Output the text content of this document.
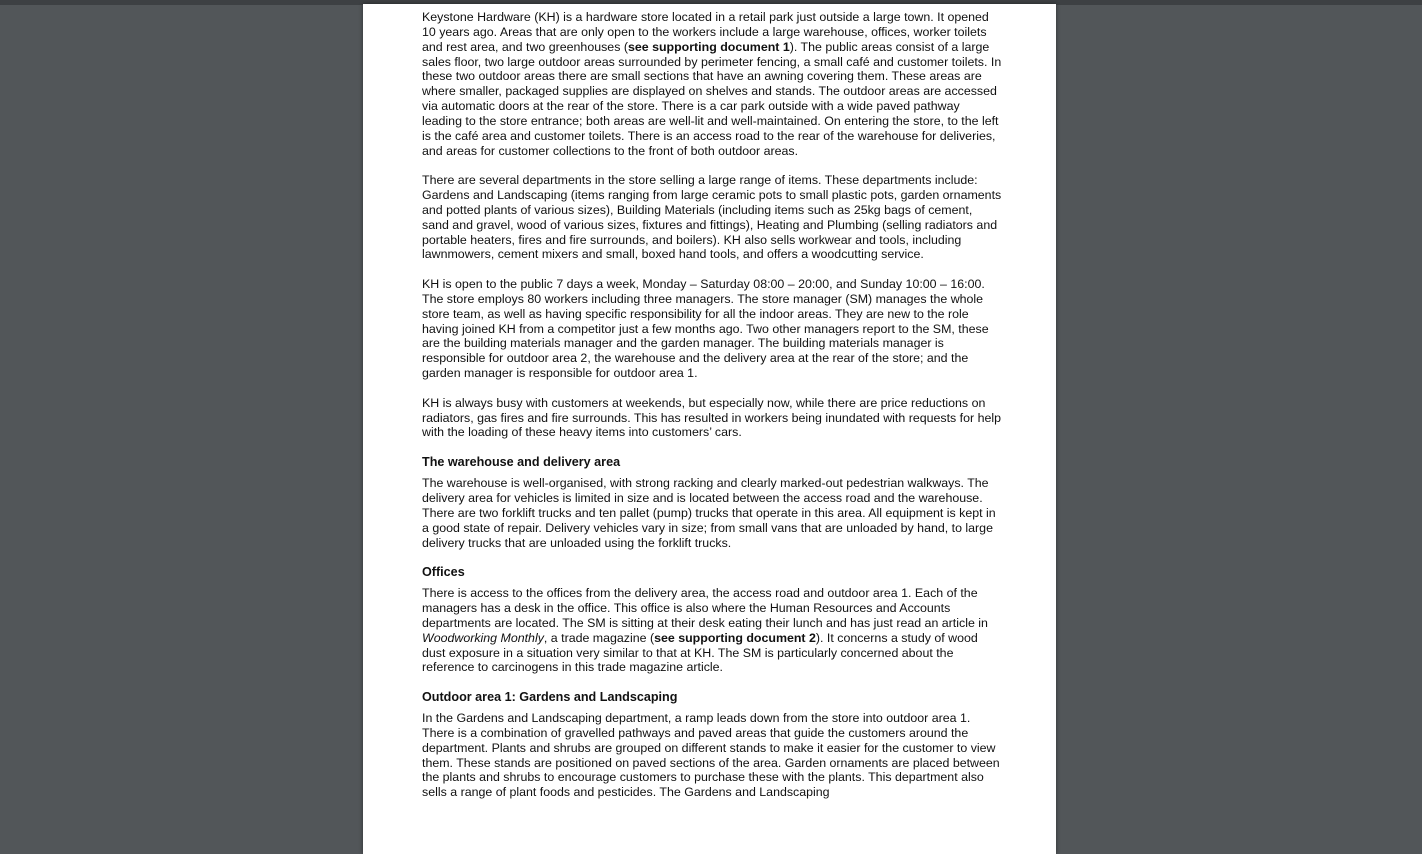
Keystone Hardware (KH) is a hardware store located in a retail park just outside a large town. It opened 10 years ago. Areas that are only open to the workers include a large warehouse, offices, worker toilets and rest area, and two greenhouses (see supporting document 1). The public areas consist of a large sales floor, two large outdoor areas surrounded by perimeter fencing, a small café and customer toilets. In these two outdoor areas there are small sections that have an awning covering them. These areas are where smaller, packaged supplies are displayed on shelves and stands. The outdoor areas are accessed via automatic doors at the rear of the store. There is a car park outside with a wide paved pathway leading to the store entrance; both areas are well-lit and well-maintained. On entering the store, to the left is the café area and customer toilets. There is an access road to the rear of the warehouse for deliveries, and areas for customer collections to the front of both outdoor areas.

There are several departments in the store selling a large range of items. These departments include: Gardens and Landscaping (items ranging from large ceramic pots to small plastic pots, garden ornaments and potted plants of various sizes), Building Materials (including items such as 25kg bags of cement, sand and gravel, wood of various sizes, fixtures and fittings), Heating and Plumbing (selling radiators and portable heaters, fires and fire surrounds, and boilers). KH also sells workwear and tools, including lawnmowers, cement mixers and small, boxed hand tools, and offers a woodcutting service.

KH is open to the public 7 days a week, Monday – Saturday 08:00 – 20:00, and Sunday 10:00 – 16:00. The store employs 80 workers including three managers. The store manager (SM) manages the whole store team, as well as having specific responsibility for all the indoor areas. They are new to the role having joined KH from a competitor just a few months ago. Two other managers report to the SM, these are the building materials manager and the garden manager. The building materials manager is responsible for outdoor area 2, the warehouse and the delivery area at the rear of the store; and the garden manager is responsible for outdoor area 1.

KH is always busy with customers at weekends, but especially now, while there are price reductions on radiators, gas fires and fire surrounds. This has resulted in workers being inundated with requests for help with the loading of these heavy items into customers’ cars.

The warehouse and delivery area

The warehouse is well-organised, with strong racking and clearly marked-out pedestrian walkways. The delivery area for vehicles is limited in size and is located between the access road and the warehouse. There are two forklift trucks and ten pallet (pump) trucks that operate in this area. All equipment is kept in a good state of repair. Delivery vehicles vary in size; from small vans that are unloaded by hand, to large delivery trucks that are unloaded using the forklift trucks.

Offices

There is access to the offices from the delivery area, the access road and outdoor area 1. Each of the managers has a desk in the office. This office is also where the Human Resources and Accounts departments are located. The SM is sitting at their desk eating their lunch and has just read an article in Woodworking Monthly, a trade magazine (see supporting document 2). It concerns a study of wood dust exposure in a situation very similar to that at KH. The SM is particularly concerned about the reference to carcinogens in this trade magazine article.

Outdoor area 1: Gardens and Landscaping

In the Gardens and Landscaping department, a ramp leads down from the store into outdoor area 1. There is a combination of gravelled pathways and paved areas that guide the customers around the department. Plants and shrubs are grouped on different stands to make it easier for the customer to view them. These stands are positioned on paved sections of the area. Garden ornaments are placed between the plants and shrubs to encourage customers to purchase these with the plants. This department also sells a range of plant foods and pesticides. The Gardens and Landscaping
